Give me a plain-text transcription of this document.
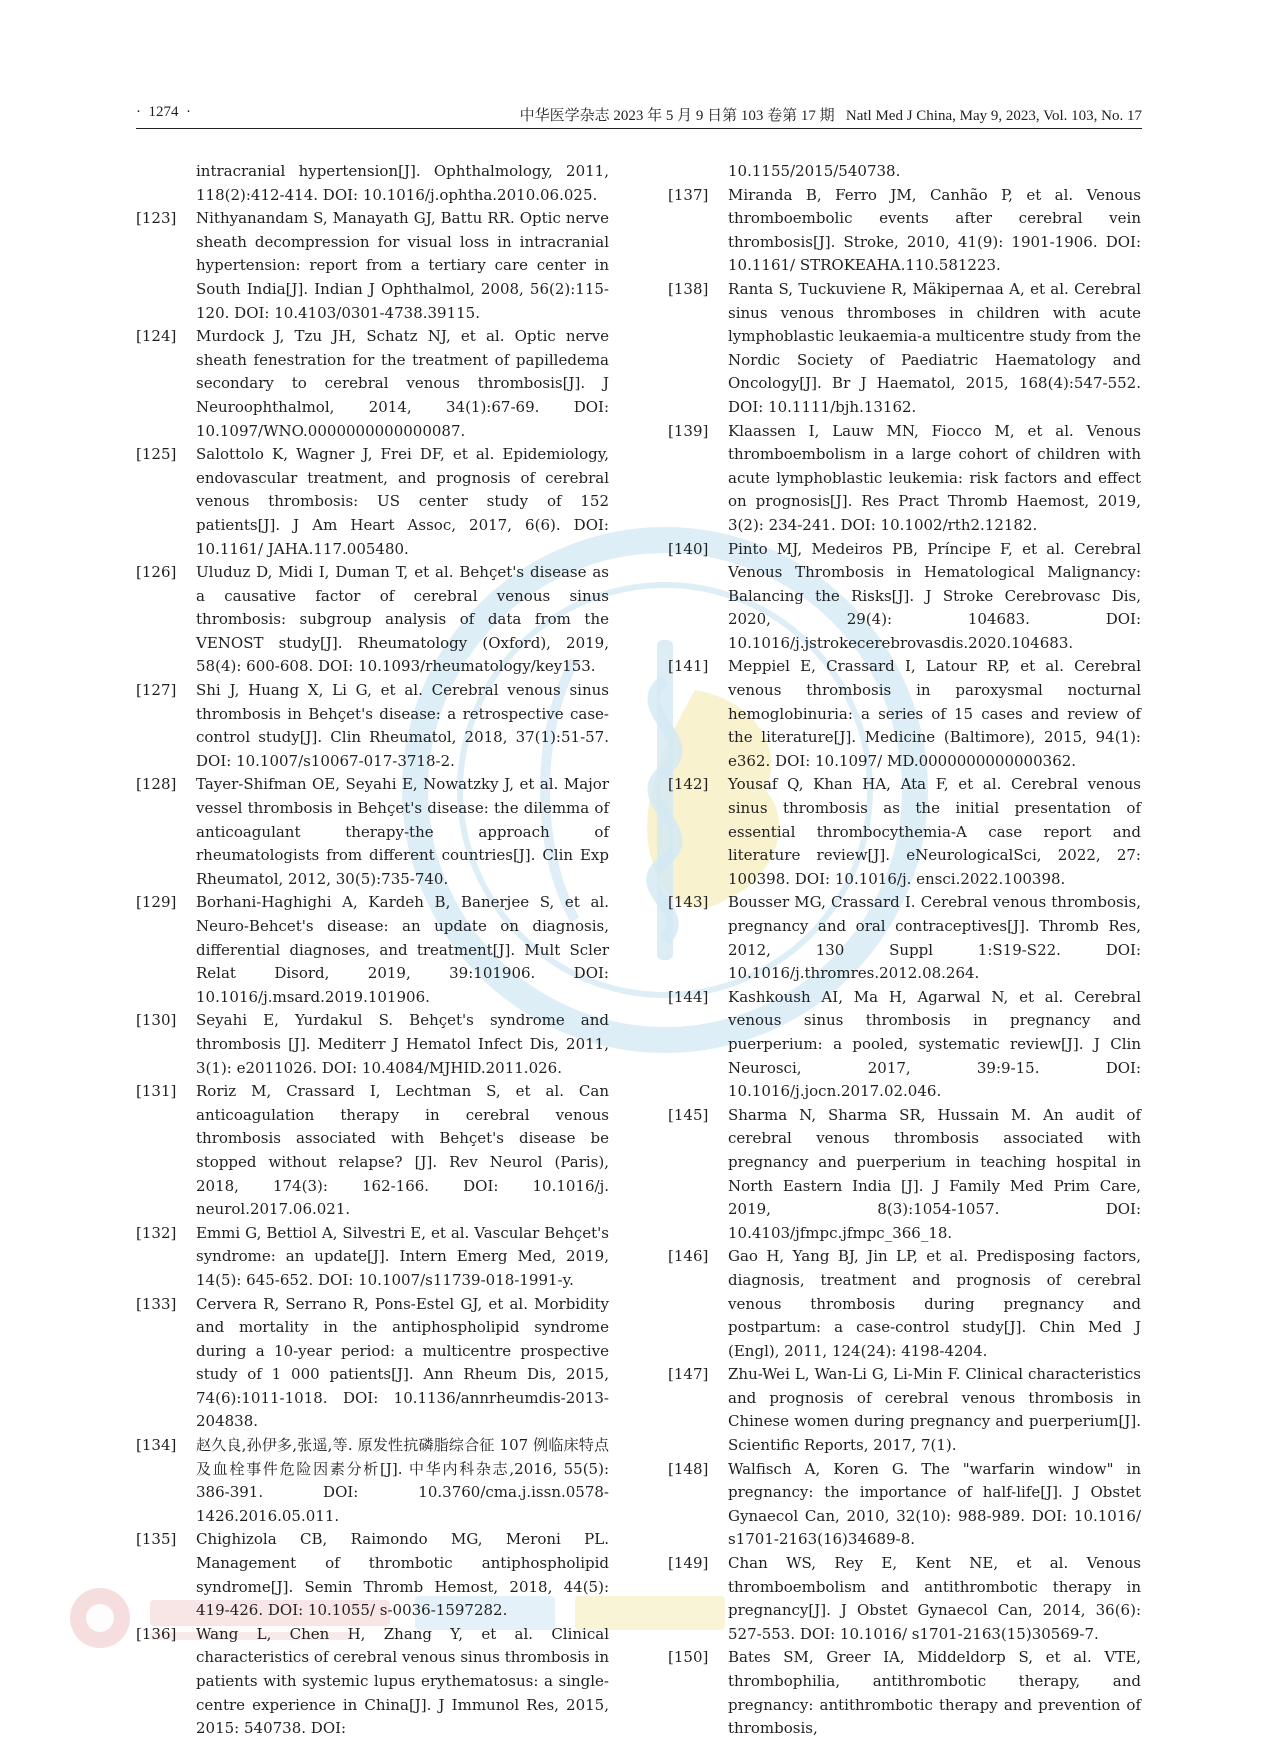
·  1274  ·	中华医学杂志 2023 年 5 月 9 日第 103 卷第 17 期 Natl Med J China, May 9, 2023, Vol. 103, No. 17
intracranial hypertension[J]. Ophthalmology, 2011, 118(2):412-414. DOI: 10.1016/j.ophtha.2010.06.025.
[123] Nithyanandam S, Manayath GJ, Battu RR. Optic nerve sheath decompression for visual loss in intracranial hypertension: report from a tertiary care center in South India[J]. Indian J Ophthalmol, 2008, 56(2):115-120. DOI: 10.4103/0301-4738.39115.
[124] Murdock J, Tzu JH, Schatz NJ, et al. Optic nerve sheath fenestration for the treatment of papilledema secondary to cerebral venous thrombosis[J]. J Neuroophthalmol, 2014, 34(1):67-69. DOI: 10.1097/WNO.0000000000000087.
[125] Salottolo K, Wagner J, Frei DF, et al. Epidemiology, endovascular treatment, and prognosis of cerebral venous thrombosis: US center study of 152 patients[J]. J Am Heart Assoc, 2017, 6(6). DOI: 10.1161/ JAHA.117.005480.
[126] Uluduz D, Midi I, Duman T, et al. Behçet's disease as a causative factor of cerebral venous sinus thrombosis: subgroup analysis of data from the VENOST study[J]. Rheumatology (Oxford), 2019, 58(4): 600-608. DOI: 10.1093/rheumatology/key153.
[127] Shi J, Huang X, Li G, et al. Cerebral venous sinus thrombosis in Behçet's disease: a retrospective case-control study[J]. Clin Rheumatol, 2018, 37(1):51-57. DOI: 10.1007/s10067-017-3718-2.
[128] Tayer-Shifman OE, Seyahi E, Nowatzky J, et al. Major vessel thrombosis in Behçet's disease: the dilemma of anticoagulant therapy-the approach of rheumatologists from different countries[J]. Clin Exp Rheumatol, 2012, 30(5):735-740.
[129] Borhani-Haghighi A, Kardeh B, Banerjee S, et al. Neuro-Behcet's disease: an update on diagnosis, differential diagnoses, and treatment[J]. Mult Scler Relat Disord, 2019, 39:101906. DOI: 10.1016/j.msard.2019.101906.
[130] Seyahi E, Yurdakul S. Behçet's syndrome and thrombosis [J]. Mediterr J Hematol Infect Dis, 2011, 3(1): e2011026. DOI: 10.4084/MJHID.2011.026.
[131] Roriz M, Crassard I, Lechtman S, et al. Can anticoagulation therapy in cerebral venous thrombosis associated with Behçet's disease be stopped without relapse? [J]. Rev Neurol (Paris), 2018, 174(3): 162-166. DOI: 10.1016/j. neurol.2017.06.021.
[132] Emmi G, Bettiol A, Silvestri E, et al. Vascular Behçet's syndrome: an update[J]. Intern Emerg Med, 2019, 14(5): 645-652. DOI: 10.1007/s11739-018-1991-y.
[133] Cervera R, Serrano R, Pons-Estel GJ, et al. Morbidity and mortality in the antiphospholipid syndrome during a 10-year period: a multicentre prospective study of 1 000 patients[J]. Ann Rheum Dis, 2015, 74(6):1011-1018. DOI: 10.1136/annrheumdis-2013-204838.
[134] 赵久良,孙伊多,张遥,等. 原发性抗磷脂综合征 107 例临床特点及血栓事件危险因素分析[J]. 中华内科杂志,2016, 55(5): 386-391. DOI: 10.3760/cma.j.issn.0578-1426.2016.05.011.
[135] Chighizola CB, Raimondo MG, Meroni PL. Management of thrombotic antiphospholipid syndrome[J]. Semin Thromb Hemost, 2018, 44(5): 419-426. DOI: 10.1055/ s-0036-1597282.
[136] Wang L, Chen H, Zhang Y, et al. Clinical characteristics of cerebral venous sinus thrombosis in patients with systemic lupus erythematosus: a single-centre experience in China[J]. J Immunol Res, 2015, 2015: 540738. DOI:
10.1155/2015/540738.
[137] Miranda B, Ferro JM, Canhão P, et al. Venous thromboembolic events after cerebral vein thrombosis[J]. Stroke, 2010, 41(9): 1901-1906. DOI: 10.1161/ STROKEAHA.110.581223.
[138] Ranta S, Tuckuviene R, Mäkipernaa A, et al. Cerebral sinus venous thromboses in children with acute lymphoblastic leukaemia-a multicentre study from the Nordic Society of Paediatric Haematology and Oncology[J]. Br J Haematol, 2015, 168(4):547-552. DOI: 10.1111/bjh.13162.
[139] Klaassen I, Lauw MN, Fiocco M, et al. Venous thromboembolism in a large cohort of children with acute lymphoblastic leukemia: risk factors and effect on prognosis[J]. Res Pract Thromb Haemost, 2019, 3(2): 234-241. DOI: 10.1002/rth2.12182.
[140] Pinto MJ, Medeiros PB, Príncipe F, et al. Cerebral Venous Thrombosis in Hematological Malignancy: Balancing the Risks[J]. J Stroke Cerebrovasc Dis, 2020, 29(4): 104683. DOI: 10.1016/j.jstrokecerebrovasdis.2020.104683.
[141] Meppiel E, Crassard I, Latour RP, et al. Cerebral venous thrombosis in paroxysmal nocturnal hemoglobinuria: a series of 15 cases and review of the literature[J]. Medicine (Baltimore), 2015, 94(1): e362. DOI: 10.1097/ MD.0000000000000362.
[142] Yousaf Q, Khan HA, Ata F, et al. Cerebral venous sinus thrombosis as the initial presentation of essential thrombocythemia-A case report and literature review[J]. eNeurologicalSci, 2022, 27: 100398. DOI: 10.1016/j. ensci.2022.100398.
[143] Bousser MG, Crassard I. Cerebral venous thrombosis, pregnancy and oral contraceptives[J]. Thromb Res, 2012, 130 Suppl 1:S19-S22. DOI: 10.1016/j.thromres.2012.08.264.
[144] Kashkoush AI, Ma H, Agarwal N, et al. Cerebral venous sinus thrombosis in pregnancy and puerperium: a pooled, systematic review[J]. J Clin Neurosci, 2017, 39:9-15. DOI: 10.1016/j.jocn.2017.02.046.
[145] Sharma N, Sharma SR, Hussain M. An audit of cerebral venous thrombosis associated with pregnancy and puerperium in teaching hospital in North Eastern India [J]. J Family Med Prim Care, 2019, 8(3):1054-1057. DOI: 10.4103/jfmpc.jfmpc_366_18.
[146] Gao H, Yang BJ, Jin LP, et al. Predisposing factors, diagnosis, treatment and prognosis of cerebral venous thrombosis during pregnancy and postpartum: a case-control study[J]. Chin Med J (Engl), 2011, 124(24): 4198-4204.
[147] Zhu-Wei L, Wan-Li G, Li-Min F. Clinical characteristics and prognosis of cerebral venous thrombosis in Chinese women during pregnancy and puerperium[J]. Scientific Reports, 2017, 7(1).
[148] Walfisch A, Koren G. The "warfarin window" in pregnancy: the importance of half-life[J]. J Obstet Gynaecol Can, 2010, 32(10): 988-989. DOI: 10.1016/ s1701-2163(16)34689-8.
[149] Chan WS, Rey E, Kent NE, et al. Venous thromboembolism and antithrombotic therapy in pregnancy[J]. J Obstet Gynaecol Can, 2014, 36(6): 527-553. DOI: 10.1016/ s1701-2163(15)30569-7.
[150] Bates SM, Greer IA, Middeldorp S, et al. VTE, thrombophilia, antithrombotic therapy, and pregnancy: antithrombotic therapy and prevention of thrombosis,
